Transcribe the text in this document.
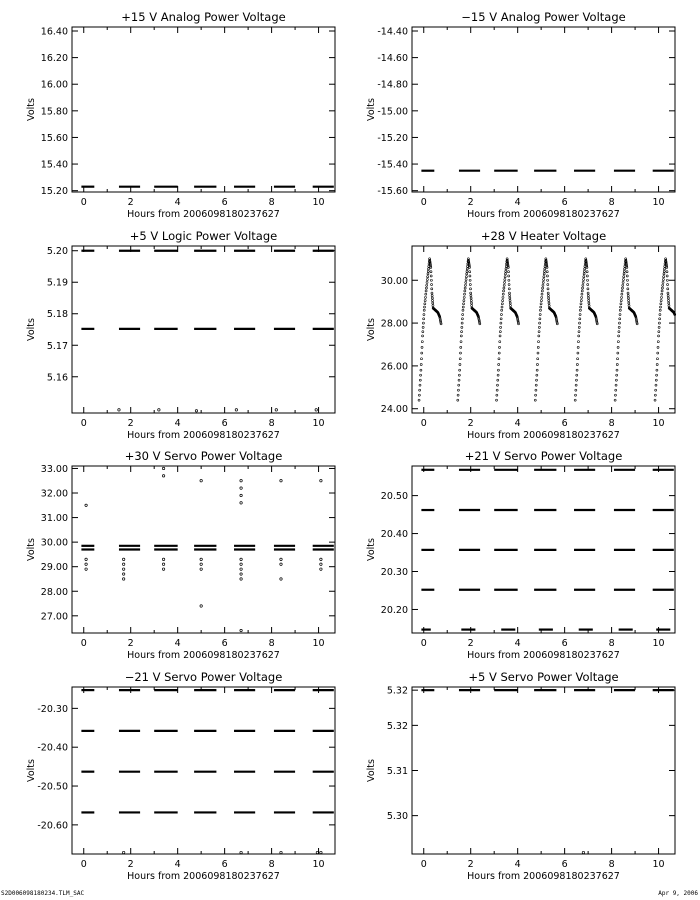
+15 V Analog Power Voltage
Hours from 2006098180237627
Volts
0	2	4	6	8	10
15.20
15.40
15.60
15.80
16.00
16.20
16.40
−15 V Analog Power Voltage
Hours from 2006098180237627
Volts
0	2	4	6	8	10
-14.40
-14.60
-14.80
-15.00
-15.20
-15.40
-15.60
+5 V Logic Power Voltage
Hours from 2006098180237627
Volts
0	2	4	6	8	10
5.16
5.17
5.18
5.19
5.20
+28 V Heater Voltage
Hours from 2006098180237627
Volts
0	2	4	6	8	10
24.00
26.00
28.00
30.00
+30 V Servo Power Voltage
Hours from 2006098180237627
Volts
0	2	4	6	8	10
27.00
28.00
29.00
30.00
31.00
32.00
33.00
+21 V Servo Power Voltage
Hours from 2006098180237627
Volts
0	2	4	6	8	10
20.20
20.30
20.40
20.50
−21 V Servo Power Voltage
Hours from 2006098180237627
Volts
0	2	4	6	8	10
-20.30
-20.40
-20.50
-20.60
+5 V Servo Power Voltage
Hours from 2006098180237627
Volts
0	2	4	6	8	10
5.30
5.31
5.32
5.32
S2D006098180234.TLM_SAC	Apr 9, 2006
